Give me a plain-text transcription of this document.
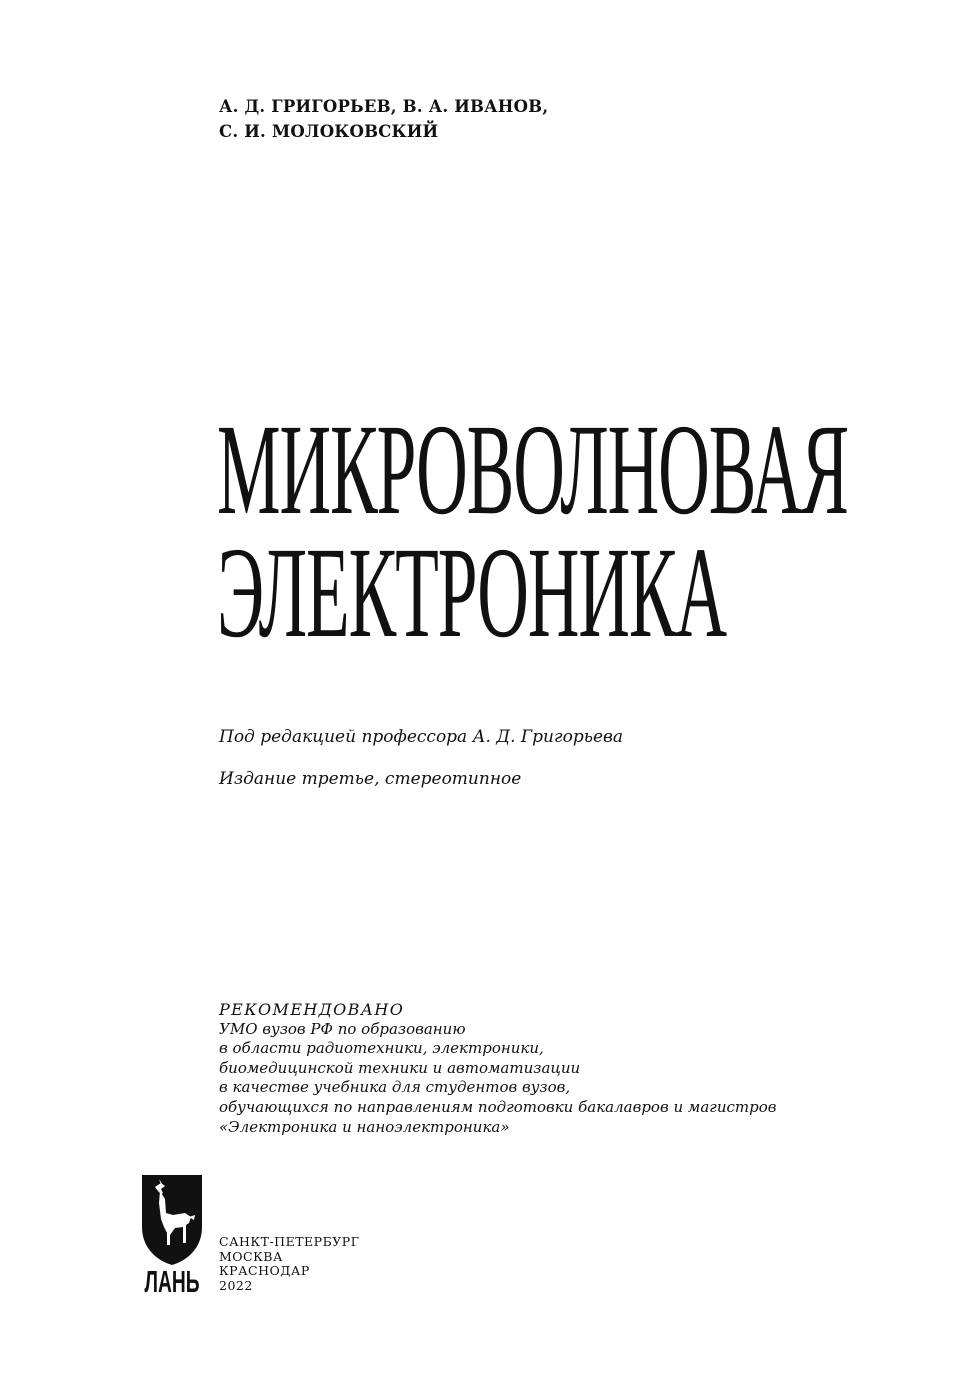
А. Д. ГРИГОРЬЕВ, В. А. ИВАНОВ,
С. И. МОЛОКОВСКИЙ
МИКРОВОЛНОВАЯ
ЭЛЕКТРОНИКА
Под редакцией профессора А. Д. Григорьева
Издание третье, стереотипное
РЕКОМЕНДОВАНО
УМО вузов РФ по образованию
в области радиотехники, электроники,
биомедицинской техники и автоматизации
в качестве учебника для студентов вузов,
обучающихся по направлениям подготовки бакалавров и магистров
«Электроника и наноэлектроника»
ЛАНЬ
САНКТ-ПЕТЕРБУРГ
МОСКВА
КРАСНОДАР
2022
